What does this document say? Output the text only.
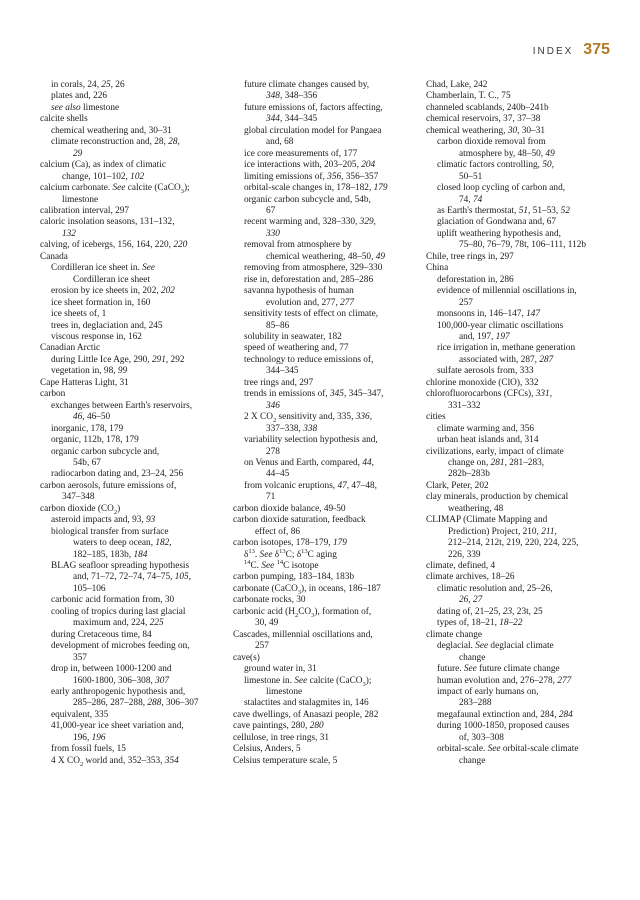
INDEX 375
in corals, 24, 25, 26
plates and, 226
see also limestone
calcite shells
chemical weathering and, 30–31
climate reconstruction and, 28, 28,
29
calcium (Ca), as index of climatic
change, 101–102, 102
calcium carbonate. See calcite (CaCO$_3$);
limestone
calibration interval, 297
caloric insolation seasons, 131–132,
132
calving, of icebergs, 156, 164, 220, 220
Canada
Cordilleran ice sheet in. See
Cordilleran ice sheet
erosion by ice sheets in, 202, 202
ice sheet formation in, 160
ice sheets of, 1
trees in, deglaciation and, 245
viscous response in, 162
Canadian Arctic
during Little Ice Age, 290, 291, 292
vegetation in, 98, 99
Cape Hatteras Light, 31
carbon
exchanges between Earth's reservoirs,
46, 46–50
inorganic, 178, 179
organic, 112b, 178, 179
organic carbon subcycle and,
54b, 67
radiocarbon dating and, 23–24, 256
carbon aerosols, future emissions of,
347–348
carbon dioxide $(CO_2)$
asteroid impacts and, 93, 93
biological transfer from surface
waters to deep ocean, 182,
182–185, 183b, 184
BLAG seafloor spreading hypothesis
and, 71–72, 72–74, 74–75, 105,
105–106
carbonic acid formation from, 30
cooling of tropics during last glacial
maximum and, 224, 225
during Cretaceous time, 84
development of microbes feeding on,
357
drop in, between 1000-1200 and
1600-1800, 306–308, 307
early anthropogenic hypothesis and,
285–286, 287–288, 288, 306–307
equivalent, 335
41,000-year ice sheet variation and,
196, 196
from fossil fuels, 15
4 X $CO_2$ world and, 352–353, 354
future climate changes caused by,
348, 348–356
future emissions of, factors affecting,
344, 344–345
global circulation model for Pangaea
and, 68
ice core measurements of, 177
ice interactions with, 203–205, 204
limiting emissions of, 356, 356–357
orbital-scale changes in, 178–182, 179
organic carbon subcycle and, 54b,
67
recent warming and, 328–330, 329,
330
removal from atmosphere by
chemical weathering, 48–50, 49
removing from atmosphere, 329–330
rise in, deforestation and, 285–286
savanna hypothesis of human
evolution and, 277, 277
sensitivity tests of effect on climate,
85–86
solubility in seawater, 182
speed of weathering and, 77
technology to reduce emissions of,
344–345
tree rings and, 297
trends in emissions of, 345, 345–347,
346
2 X $CO_2$ sensitivity and, 335, 336,
337–338, 338
variability selection hypothesis and,
278
on Venus and Earth, compared, 44,
44–45
from volcanic eruptions, 47, 47–48,
71
carbon dioxide balance, 49-50
carbon dioxide saturation, feedback
effect of, 86
carbon isotopes, 178–179, 179
$\delta^{13}$. See $\delta^{13}C$; $\delta^{13}C$ aging
$^{14}$C. See $^{14}$C isotope
carbon pumping, 183–184, 183b
carbonate (CaCO$_3$), in oceans, 186–187
carbonate rocks, 30
carbonic acid $(H_2CO_3)$, formation of,
30, 49
Cascades, millennial oscillations and,
257
cave(s)
ground water in, 31
limestone in. See calcite (CaCO$_3$);
limestone
stalactites and stalagmites in, 146
cave dwellings, of Anasazi people, 282
cave paintings, 280, 280
cellulose, in tree rings, 31
Celsius, Anders, 5
Celsius temperature scale, 5
Chad, Lake, 242
Chamberlain, T. C., 75
channeled scablands, 240b–241b
chemical reservoirs, 37, 37–38
chemical weathering, 30, 30–31
carbon dioxide removal from
atmosphere by, 48–50, 49
climatic factors controlling, 50,
50–51
closed loop cycling of carbon and,
74, 74
as Earth's thermostat, 51, 51–53, 52
glaciation of Gondwana and, 67
uplift weathering hypothesis and,
75–80, 76–79, 78t, 106–111, 112b
Chile, tree rings in, 297
China
deforestation in, 286
evidence of millennial oscillations in,
257
monsoons in, 146–147, 147
100,000-year climatic oscillations
and, 197, 197
rice irrigation in, methane generation
associated with, 287, 287
sulfate aerosols from, 333
chlorine monoxide (ClO), 332
chlorofluorocarbons (CFCs), 331,
331–332
cities
climate warming and, 356
urban heat islands and, 314
civilizations, early, impact of climate
change on, 281, 281–283,
282b–283b
Clark, Peter, 202
clay minerals, production by chemical
weathering, 48
CLIMAP (Climate Mapping and
Prediction) Project, 210, 211,
212–214, 212t, 219, 220, 224, 225,
226, 339
climate, defined, 4
climate archives, 18–26
climatic resolution and, 25–26,
26, 27
dating of, 21–25, 23, 23t, 25
types of, 18–21, 18–22
climate change
deglacial. See deglacial climate
change
future. See future climate change
human evolution and, 276–278, 277
impact of early humans on,
283–288
megafaunal extinction and, 284, 284
during 1000-1850, proposed causes
of, 303–308
orbital-scale. See orbital-scale climate
change
